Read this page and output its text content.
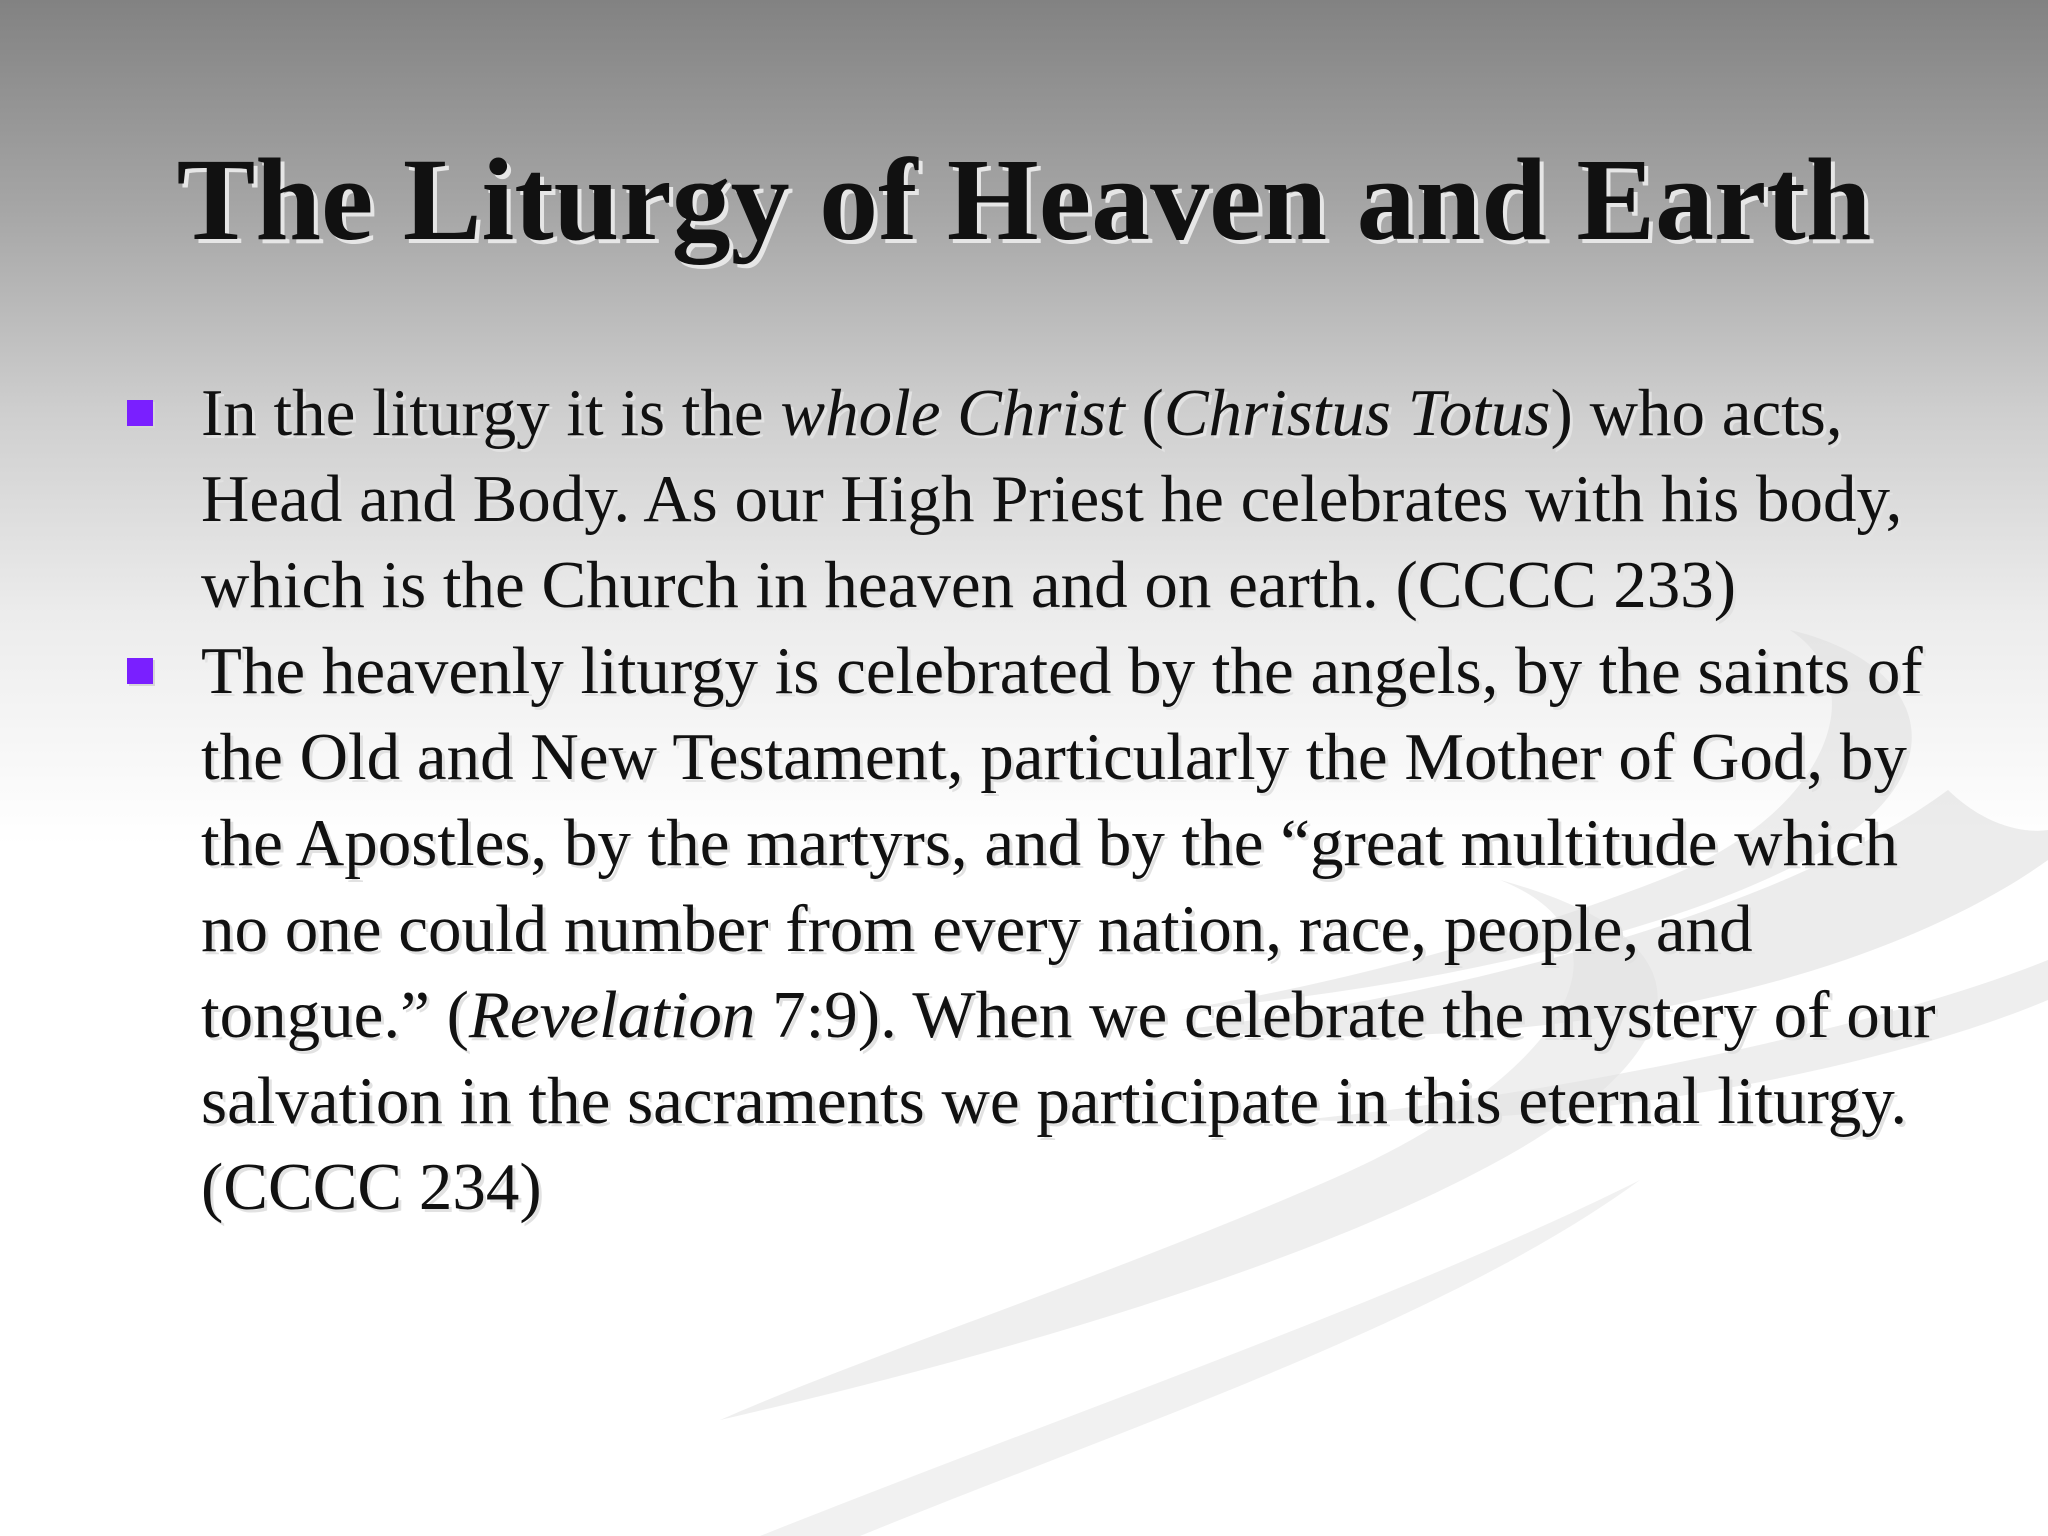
The Liturgy of Heaven and Earth
In the liturgy it is the whole Christ (Christus Totus) who acts, Head and Body. As our High Priest he celebrates with his body, which is the Church in heaven and on earth. (CCCC 233)
The heavenly liturgy is celebrated by the angels, by the saints of the Old and New Testament, particularly the Mother of God, by the Apostles, by the martyrs, and by the “great multitude which no one could number from every nation, race, people, and tongue.” (Revelation 7:9). When we celebrate the mystery of our salvation in the sacraments we participate in this eternal liturgy. (CCCC 234)
